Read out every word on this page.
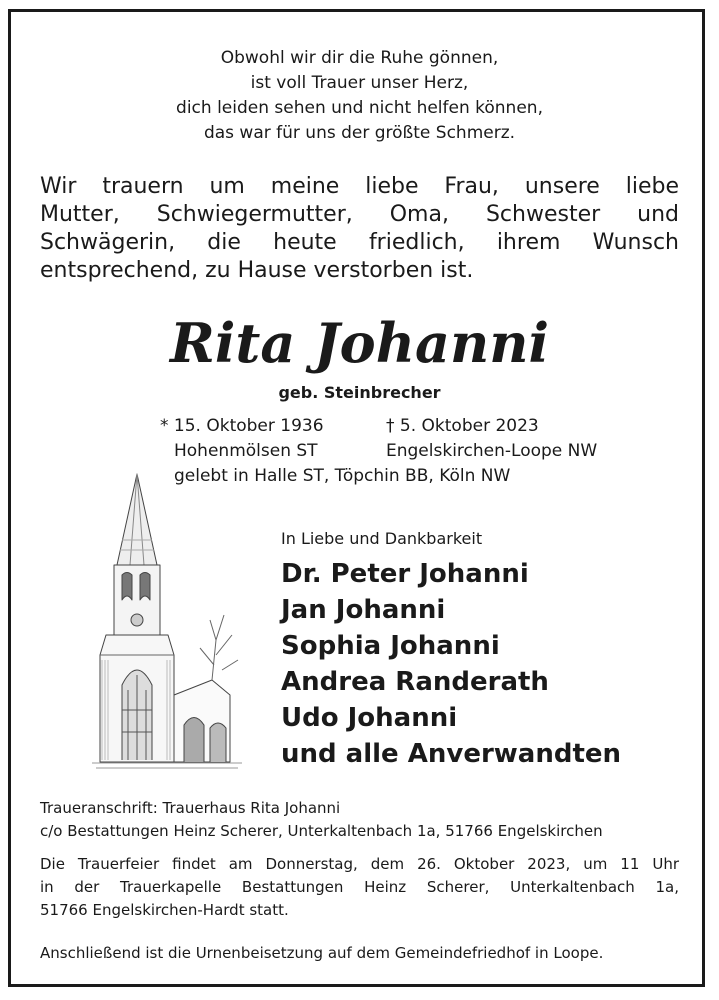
Obwohl wir dir die Ruhe gönnen,
ist voll Trauer unser Herz,
dich leiden sehen und nicht helfen können,
das war für uns der größte Schmerz.
Wir trauern um meine liebe Frau, unsere liebe
Mutter, Schwiegermutter, Oma, Schwester und
Schwägerin, die heute friedlich, ihrem Wunsch
entsprechend, zu Hause verstorben ist.
Rita Johanni
geb. Steinbrecher
* 15. Oktober 1936	† 5. Oktober 2023
Hohenmölsen ST	Engelskirchen-Loope NW
gelebt in Halle ST, Töpchin BB, Köln NW
In Liebe und Dankbarkeit
Dr. Peter Johanni
Jan Johanni
Sophia Johanni
Andrea Randerath
Udo Johanni
und alle Anverwandten
Traueranschrift: Trauerhaus Rita Johanni
c/o Bestattungen Heinz Scherer, Unterkaltenbach 1a, 51766 Engelskirchen
Die Trauerfeier findet am Donnerstag, dem 26. Oktober 2023, um 11 Uhr
in der Trauerkapelle Bestattungen Heinz Scherer, Unterkaltenbach 1a,
51766 Engelskirchen-Hardt statt.
Anschließend ist die Urnenbeisetzung auf dem Gemeindefriedhof in Loope.
